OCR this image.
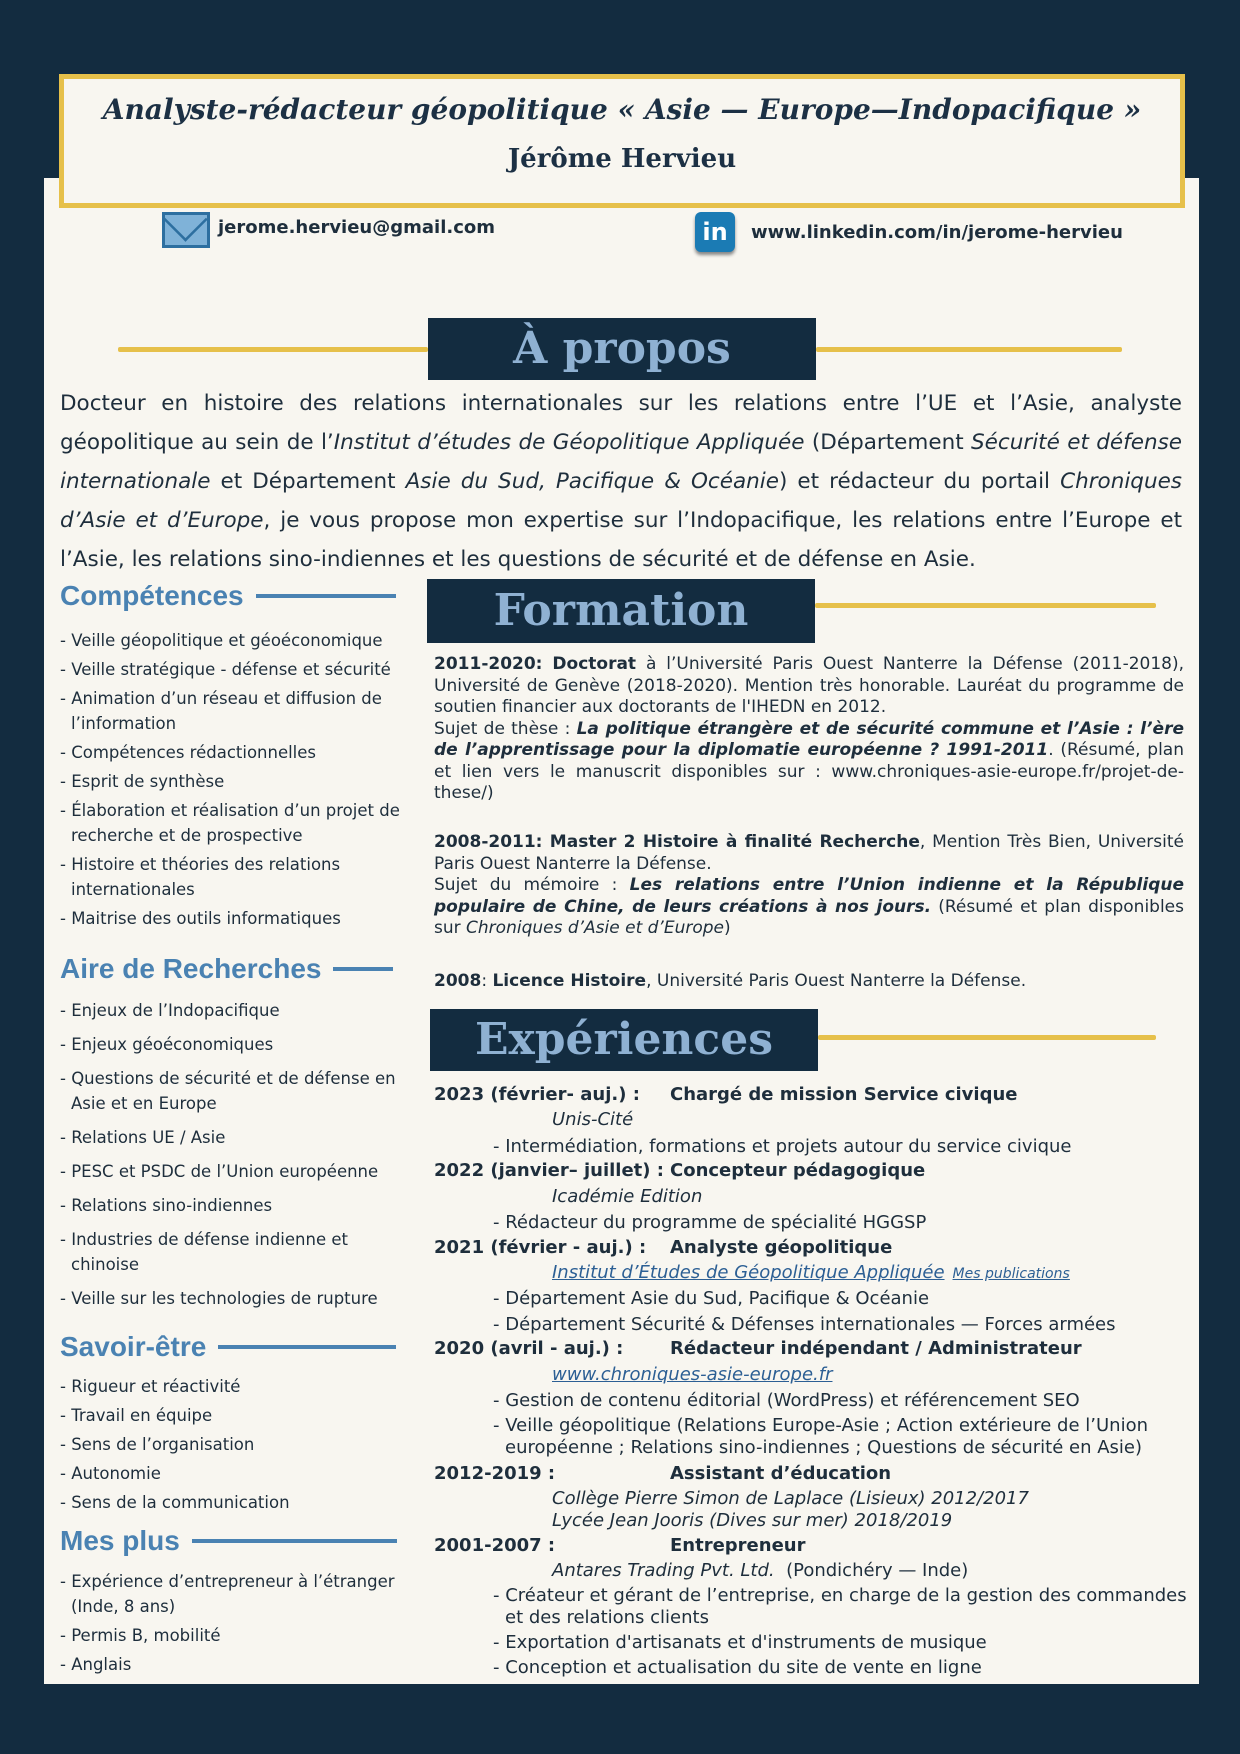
Analyste-rédacteur géopolitique « Asie — Europe—Indopacifique »
Jérôme Hervieu
jerome.hervieu@gmail.com	in	www.linkedin.com/in/jerome-hervieu
À propos
Docteur en histoire des relations internationales sur les relations entre l’UE et l’Asie, analyste géopolitique au sein de l’Institut d’études de Géopolitique Appliquée (Département Sécurité et défense internationale et Département Asie du Sud, Pacifique & Océanie) et rédacteur du portail Chroniques d’Asie et d’Europe, je vous propose mon expertise sur l’Indopacifique, les relations entre l’Europe et l’Asie, les relations sino-indiennes et les questions de sécurité et de défense en Asie.
Compétences
- Veille géopolitique et géoéconomique
- Veille stratégique - défense et sécurité
- Animation d’un réseau et diffusion de l’information
- Compétences rédactionnelles
- Esprit de synthèse
- Élaboration et réalisation d’un projet de recherche et de prospective
- Histoire et théories des relations internationales
- Maitrise des outils informatiques
Aire de Recherches
- Enjeux de l’Indopacifique
- Enjeux géoéconomiques
- Questions de sécurité et de défense en Asie et en Europe
- Relations UE / Asie
- PESC et PSDC de l’Union européenne
- Relations sino-indiennes
- Industries de défense indienne et chinoise
- Veille sur les technologies de rupture
Savoir-être
- Rigueur et réactivité
- Travail en équipe
- Sens de l’organisation
- Autonomie
- Sens de la communication
Mes plus
- Expérience d’entrepreneur à l’étranger (Inde, 8 ans)
- Permis B, mobilité
- Anglais
Formation

2011-2020: Doctorat à l’Université Paris Ouest Nanterre la Défense (2011-2018), Université de Genève (2018-2020). Mention très honorable. Lauréat du programme de soutien financier aux doctorants de l'IHEDN en 2012.

Sujet de thèse : La politique étrangère et de sécurité commune et l’Asie : l’ère de l’apprentissage pour la diplomatie européenne ? 1991-2011. (Résumé, plan et lien vers le manuscrit disponibles sur : www.chroniques-asie-europe.fr/projet-de-these/)

2008-2011: Master 2 Histoire à finalité Recherche, Mention Très Bien, Université Paris Ouest Nanterre la Défense.

Sujet du mémoire : Les relations entre l’Union indienne et la République populaire de Chine, de leurs créations à nos jours. (Résumé et plan disponibles sur Chroniques d’Asie et d’Europe)

2008: Licence Histoire, Université Paris Ouest Nanterre la Défense.

Expériences
2023 (février- auj.) : Chargé de mission Service civique
Unis-Cité
- Intermédiation, formations et projets autour du service civique
2022 (janvier– juillet) : Concepteur pédagogique
Icadémie Edition
- Rédacteur du programme de spécialité HGGSP
2021 (février - auj.) : Analyste géopolitique
Institut d’Études de Géopolitique Appliquée Mes publications
- Département Asie du Sud, Pacifique & Océanie
- Département Sécurité & Défenses internationales — Forces armées
2020 (avril - auj.) :	Rédacteur indépendant / Administrateur
www.chroniques-asie-europe.fr
- Gestion de contenu éditorial (WordPress) et référencement SEO
- Veille géopolitique (Relations Europe-Asie ; Action extérieure de l’Union européenne ; Relations sino-indiennes ; Questions de sécurité en Asie)
2012-2019 :	Assistant d’éducation
Collège Pierre Simon de Laplace (Lisieux) 2012/2017
Lycée Jean Jooris (Dives sur mer) 2018/2019
2001-2007 :	Entrepreneur
Antares Trading Pvt. Ltd.  (Pondichéry — Inde)
- Créateur et gérant de l’entreprise, en charge de la gestion des commandes et des relations clients
- Exportation d'artisanats et d'instruments de musique
- Conception et actualisation du site de vente en ligne
